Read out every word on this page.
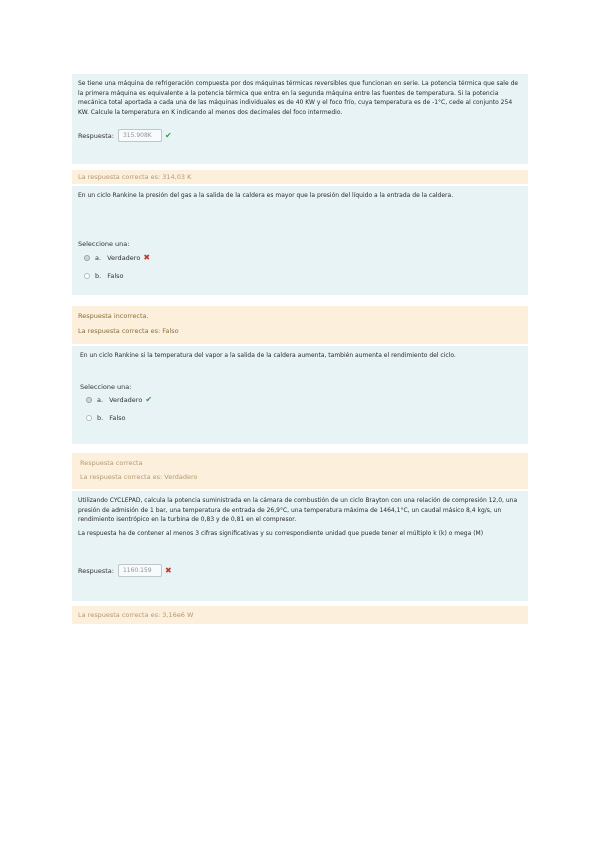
Se tiene una máquina de refrigeración compuesta por dos máquinas térmicas reversibles que funcionan en serie. La potencia térmica que sale de la primera máquina es equivalente a la potencia térmica que entra en la segunda máquina entre las fuentes de temperatura. Si la potencia mecánica total aportada a cada una de las máquinas individuales es de 40 KW y el foco frío, cuya temperatura es de -1°C, cede al conjunto 254 KW. Calcule la temperatura en K indicando al menos dos decimales del foco intermedio.
Respuesta:	315.908K	✔
La respuesta correcta es: 314,03 K
En un ciclo Rankine la presión del gas a la salida de la caldera es mayor que la presión del líquido a la entrada de la caldera.
Seleccione una:
a. Verdadero ✖
b. Falso
Respuesta incorrecta.
La respuesta correcta es: Falso
En un ciclo Rankine si la temperatura del vapor a la salida de la caldera aumenta, también aumenta el rendimiento del ciclo.
Seleccione una:
a. Verdadero ✔
b. Falso
Respuesta correcta
La respuesta correcta es: Verdadero
Utilizando CYCLEPAD, calcula la potencia suministrada en la cámara de combustión de un ciclo Brayton con una relación de compresión 12,0, una presión de admisión de 1 bar, una temperatura de entrada de 26,9°C, una temperatura máxima de 1464,1°C, un caudal másico 8,4 kg/s, un rendimiento isentrópico en la turbina de 0,83 y de 0,81 en el compresor.
La respuesta ha de contener al menos 3 cifras significativas y su correspondiente unidad que puede tener el múltiplo k (k) o mega (M)
Respuesta:	1160.159	✖
La respuesta correcta es: 3,16e6 W
